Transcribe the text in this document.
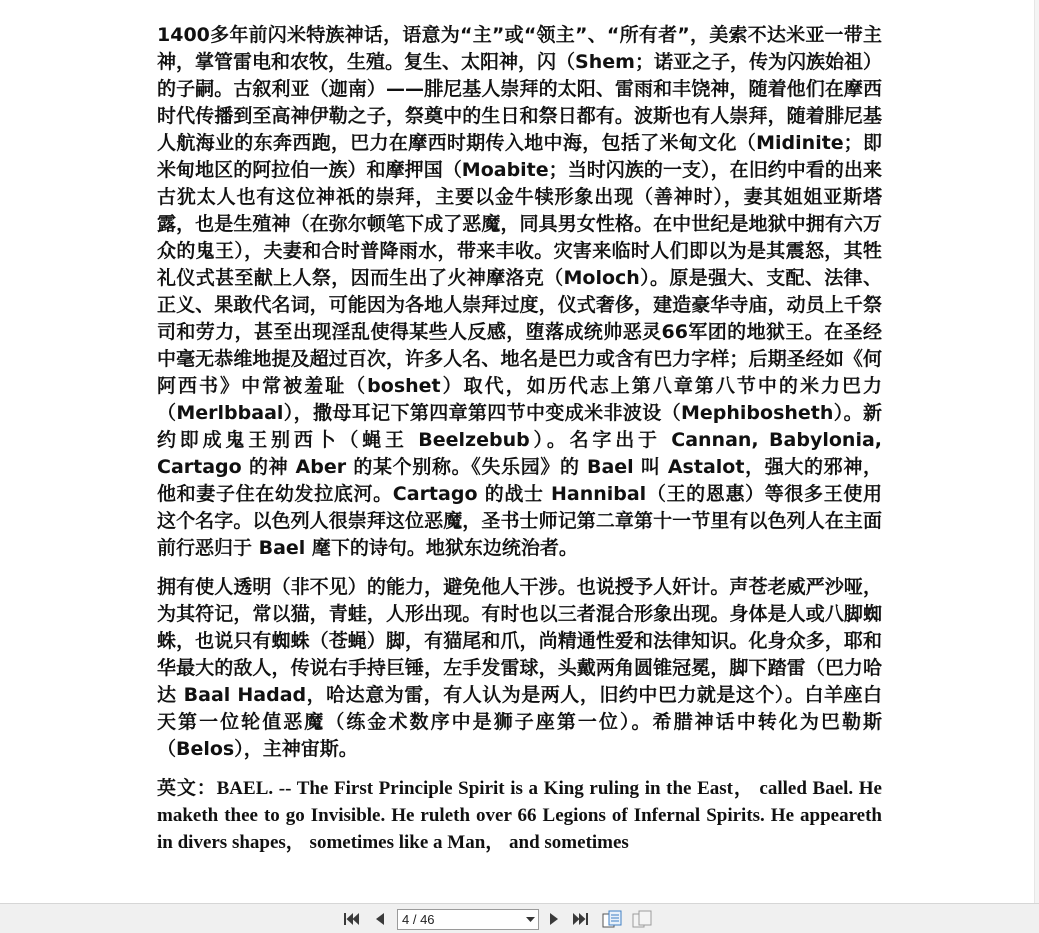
1400多年前闪米特族神话，语意为“主”或“领主”、“所有者”，美索不达米亚一带主神，掌管雷电和农牧，生殖。复生、太阳神，闪（Shem；诺亚之子，传为闪族始祖）的子嗣。古叙利亚（迦南）——腓尼基人崇拜的太阳、雷雨和丰饶神，随着他们在摩西时代传播到至高神伊勒之子，祭奠中的生日和祭日都有。波斯也有人崇拜，随着腓尼基人航海业的东奔西跑，巴力在摩西时期传入地中海，包括了米甸文化（Midinite；即米甸地区的阿拉伯一族）和摩押国（Moabite；当时闪族的一支），在旧约中看的出来古犹太人也有这位神祇的崇拜，主要以金牛犊形象出现（善神时），妻其姐姐亚斯塔露，也是生殖神（在弥尔顿笔下成了恶魔，同具男女性格。在中世纪是地狱中拥有六万众的鬼王），夫妻和合时普降雨水，带来丰收。灾害来临时人们即以为是其震怒，其牲礼仪式甚至献上人祭，因而生出了火神摩洛克（Moloch）。原是强大、支配、法律、正义、果敢代名词，可能因为各地人崇拜过度，仪式奢侈，建造豪华寺庙，动员上千祭司和劳力，甚至出现淫乱使得某些人反感，堕落成统帅恶灵66军团的地狱王。在圣经中毫无恭维地提及超过百次，许多人名、地名是巴力或含有巴力字样；后期圣经如《何阿西书》中常被羞耻（boshet）取代，如历代志上第八章第八节中的米力巴力（Merlbbaal），撒母耳记下第四章第四节中变成米非波设（Mephibosheth）。新约即成鬼王别西卜（蝇王 Beelzebub）。名字出于 Cannan, Babylonia, Cartago 的神 Aber 的某个别称。《失乐园》的 Bael 叫 Astalot，强大的邪神，他和妻子住在幼发拉底河。Cartago 的战士 Hannibal（王的恩惠）等很多王使用这个名字。以色列人很崇拜这位恶魔，圣书士师记第二章第十一节里有以色列人在主面前行恶归于 Bael 麾下的诗句。地狱东边统治者。

拥有使人透明（非不见）的能力，避免他人干涉。也说授予人奸计。声苍老威严沙哑，为其符记，常以猫，青蛙，人形出现。有时也以三者混合形象出现。身体是人或八脚蜘蛛，也说只有蜘蛛（苍蝇）脚，有猫尾和爪，尚精通性爱和法律知识。化身众多，耶和华最大的敌人，传说右手持巨锤，左手发雷球，头戴两角圆锥冠冕，脚下踏雷（巴力哈达 Baal Hadad，哈达意为雷，有人认为是两人，旧约中巴力就是这个）。白羊座白天第一位轮值恶魔（练金术数序中是狮子座第一位）。希腊神话中转化为巴勒斯（Belos），主神宙斯。

英文：BAEL. -- The First Principle Spirit is a King ruling in the East， called Bael. He maketh thee to go Invisible. He ruleth over 66 Legions of Infernal Spirits. He appeareth in divers shapes， sometimes like a Man， and sometimes

4 / 46
